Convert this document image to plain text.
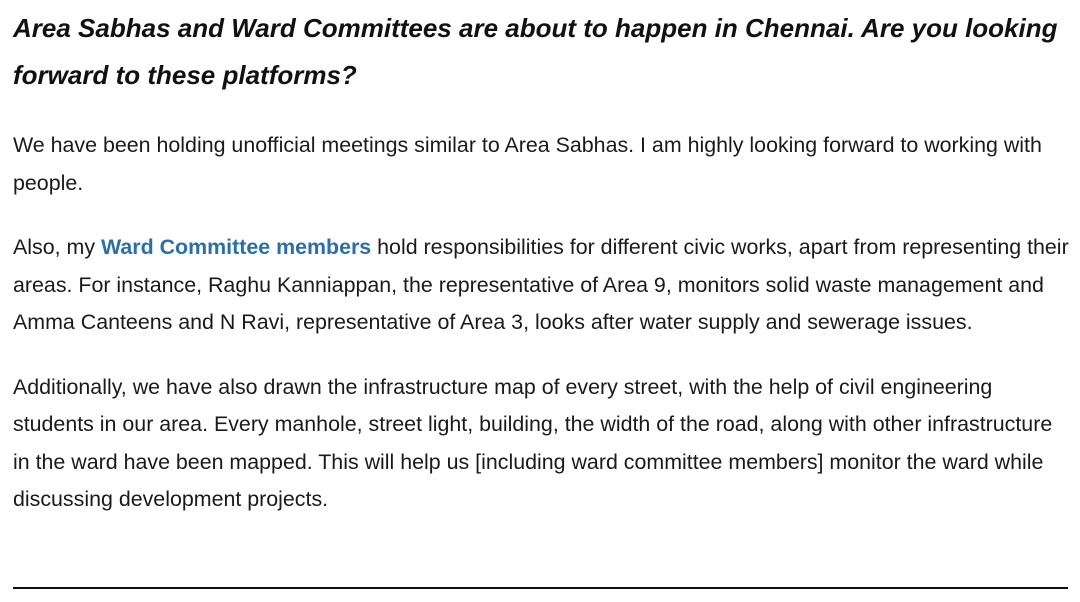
Area Sabhas and Ward Committees are about to happen in Chennai. Are you looking forward to these platforms?

We have been holding unofficial meetings similar to Area Sabhas. I am highly looking forward to working with people.

Also, my Ward Committee members hold responsibilities for different civic works, apart from representing their areas. For instance, Raghu Kanniappan, the representative of Area 9, monitors solid waste management and Amma Canteens and N Ravi, representative of Area 3, looks after water supply and sewerage issues.

Additionally, we have also drawn the infrastructure map of every street, with the help of civil engineering students in our area. Every manhole, street light, building, the width of the road, along with other infrastructure in the ward have been mapped. This will help us [including ward committee members] monitor the ward while discussing development projects.
